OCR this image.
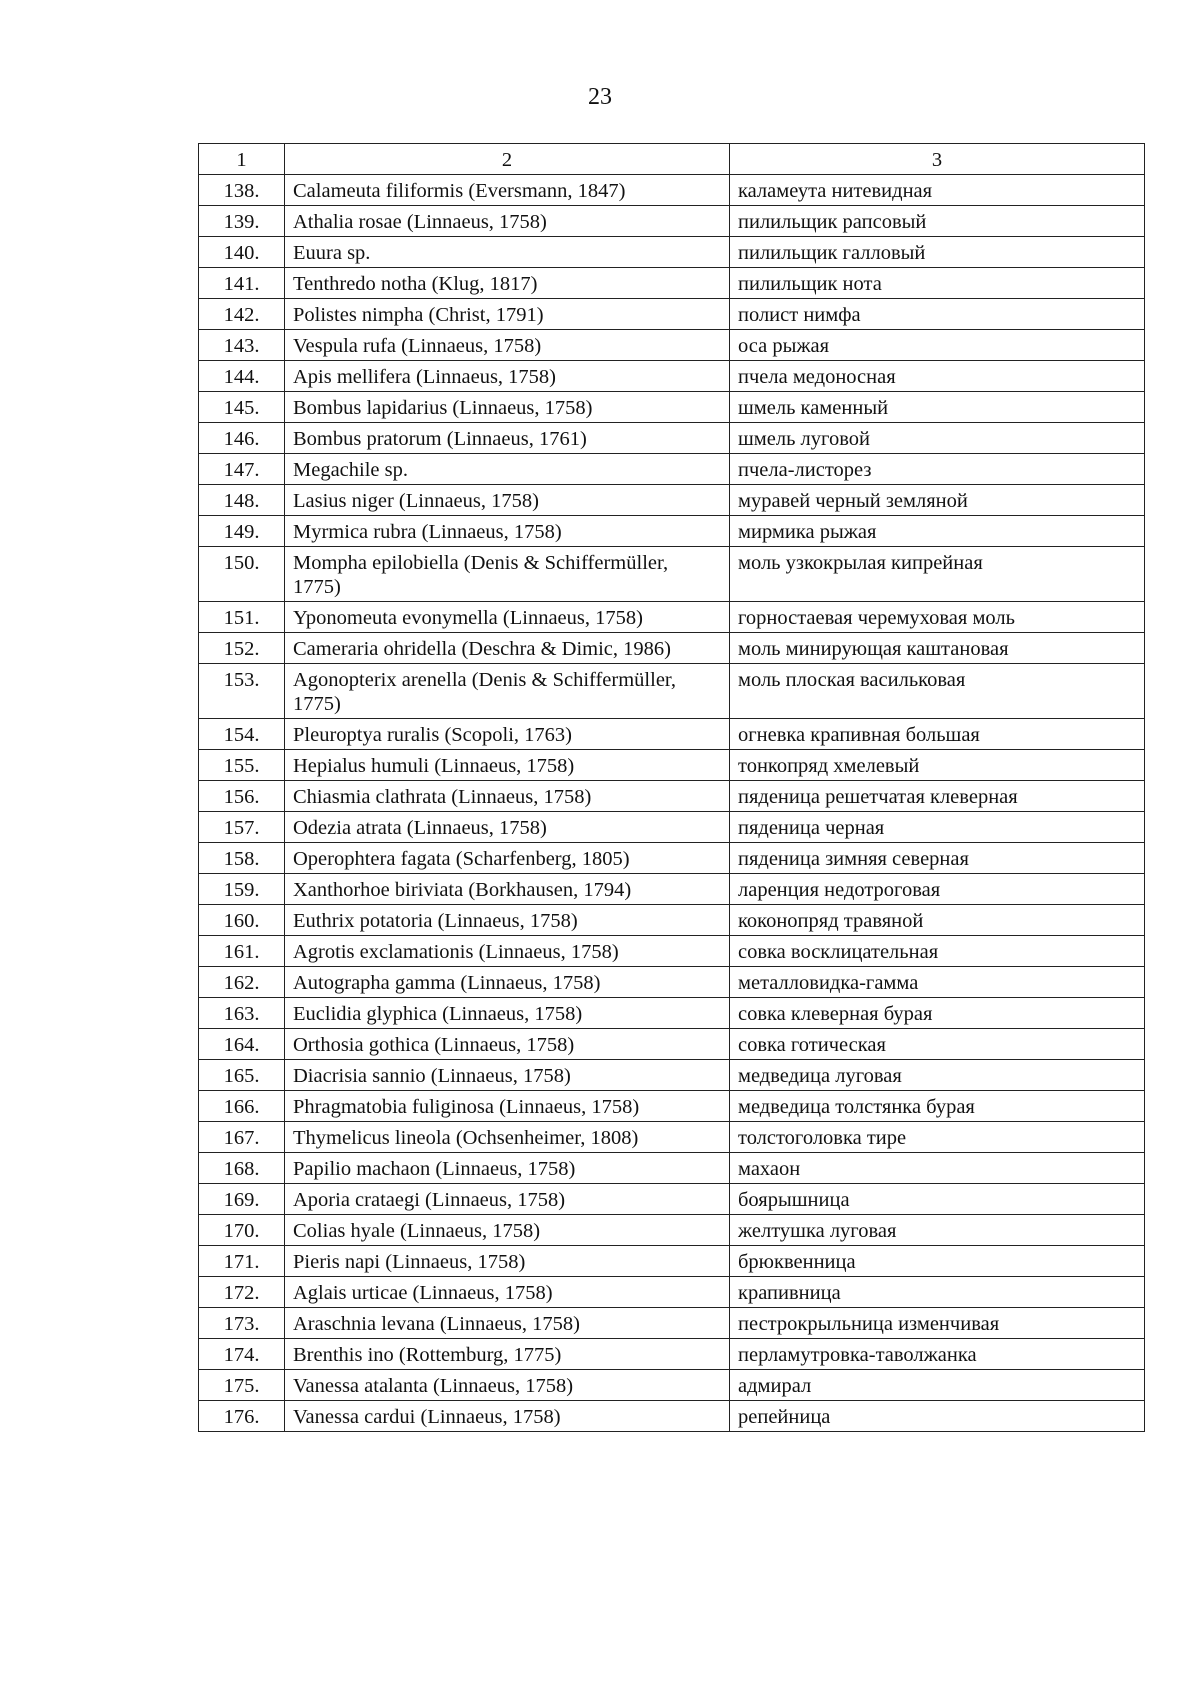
23
1	2	3
138.	Calameuta filiformis (Eversmann, 1847)	каламеута нитевидная
139.	Athalia rosae (Linnaeus, 1758)	пилильщик рапсовый
140.	Euura sp.	пилильщик галловый
141.	Tenthredo notha (Klug, 1817)	пилильщик нота
142.	Polistes nimpha (Christ, 1791)	полист нимфа
143.	Vespula rufa (Linnaeus, 1758)	оса рыжая
144.	Apis mellifera (Linnaeus, 1758)	пчела медоносная
145.	Bombus lapidarius (Linnaeus, 1758)	шмель каменный
146.	Bombus pratorum (Linnaeus, 1761)	шмель луговой
147.	Megachile sp.	пчела-листорез
148.	Lasius niger (Linnaeus, 1758)	муравей черный земляной
149.	Myrmica rubra (Linnaeus, 1758)	мирмика рыжая
150.	Mompha epilobiella (Denis & Schiffermüller, 1775)	моль узкокрылая кипрейная
151.	Yponomeuta evonymella (Linnaeus, 1758)	горностаевая черемуховая моль
152.	Cameraria ohridella (Deschra & Dimic, 1986)	моль минирующая каштановая
153.	Agonopterix arenella (Denis & Schiffermüller, 1775)	моль плоская васильковая
154.	Pleuroptya ruralis (Scopoli, 1763)	огневка крапивная большая
155.	Hepialus humuli (Linnaeus, 1758)	тонкопряд хмелевый
156.	Chiasmia clathrata (Linnaeus, 1758)	пяденица решетчатая клеверная
157.	Odezia atrata (Linnaeus, 1758)	пяденица черная
158.	Operophtera fagata (Scharfenberg, 1805)	пяденица зимняя северная
159.	Xanthorhoe biriviata (Borkhausen, 1794)	ларенция недотроговая
160.	Euthrix potatoria (Linnaeus, 1758)	коконопряд травяной
161.	Agrotis exclamationis (Linnaeus, 1758)	совка восклицательная
162.	Autographa gamma (Linnaeus, 1758)	металловидка-гамма
163.	Euclidia glyphica (Linnaeus, 1758)	совка клеверная бурая
164.	Orthosia gothica (Linnaeus, 1758)	совка готическая
165.	Diacrisia sannio (Linnaeus, 1758)	медведица луговая
166.	Phragmatobia fuliginosa (Linnaeus, 1758)	медведица толстянка бурая
167.	Thymelicus lineola (Ochsenheimer, 1808)	толстоголовка тире
168.	Papilio machaon (Linnaeus, 1758)	махаон
169.	Aporia crataegi (Linnaeus, 1758)	боярышница
170.	Colias hyale (Linnaeus, 1758)	желтушка луговая
171.	Pieris napi (Linnaeus, 1758)	брюквенница
172.	Aglais urticae (Linnaeus, 1758)	крапивница
173.	Araschnia levana (Linnaeus, 1758)	пестрокрыльница изменчивая
174.	Brenthis ino (Rottemburg, 1775)	перламутровка-таволжанка
175.	Vanessa atalanta (Linnaeus, 1758)	адмирал
176.	Vanessa cardui (Linnaeus, 1758)	репейница
